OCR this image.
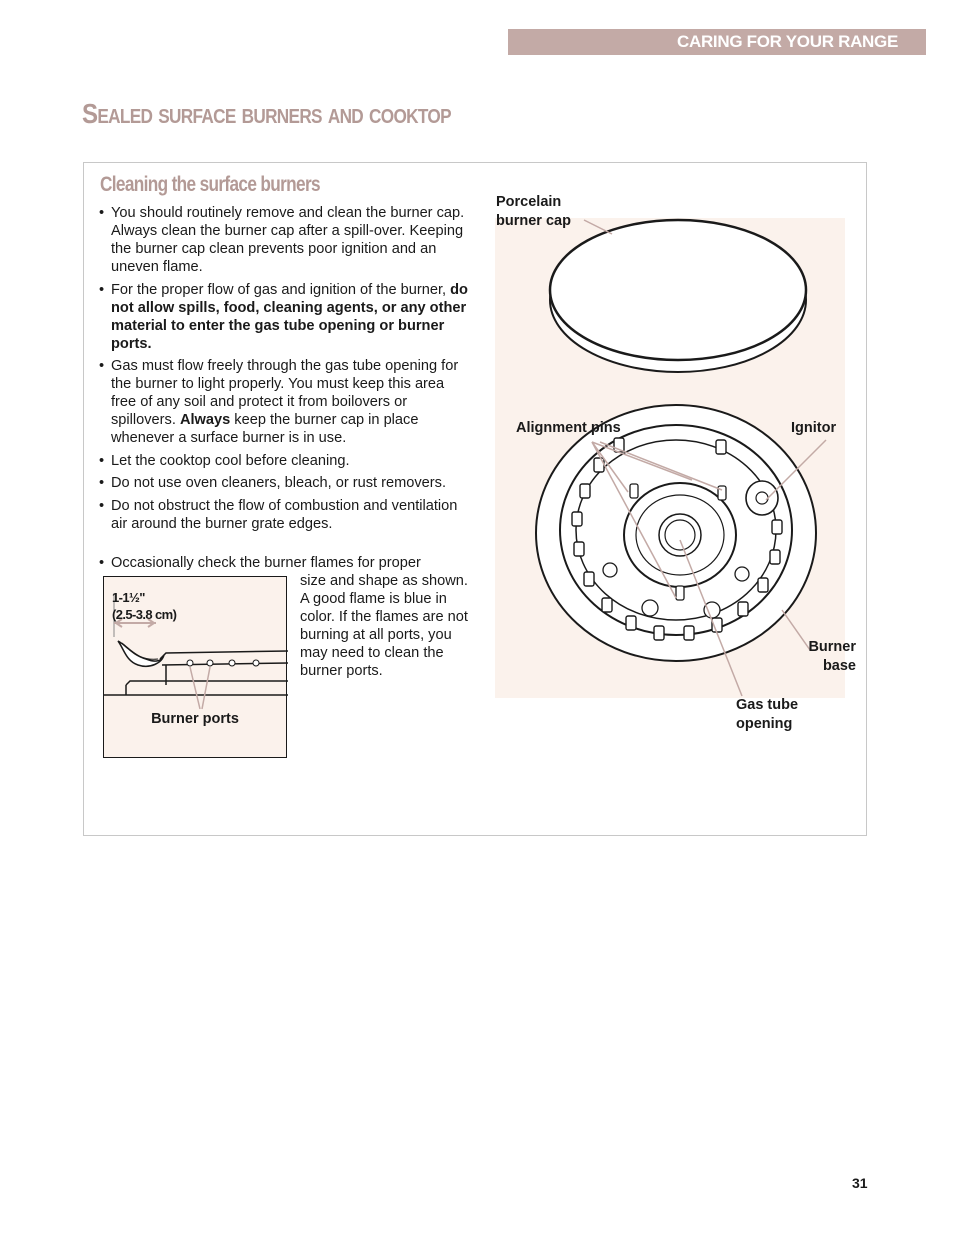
CARING FOR YOUR RANGE
Sealed surface burners and cooktop
Cleaning the surface burners
• You should routinely remove and clean the burner cap. Always clean the burner cap after a spill-over. Keeping the burner cap clean prevents poor ignition and an uneven flame.
• For the proper flow of gas and ignition of the burner, do not allow spills, food, cleaning agents, or any other material to enter the gas tube opening or burner ports.
• Gas must flow freely through the gas tube opening for the burner to light properly. You must keep this area free of any soil and protect it from boilovers or spillovers. Always keep the burner cap in place whenever a surface burner is in use.
• Let the cooktop cool before cleaning.
• Do not use oven cleaners, bleach, or rust removers.
• Do not obstruct the flow of combustion and ventilation air around the burner grate edges.
• Occasionally check the burner flames for proper
size and shape as shown. A good flame is blue in color. If the flames are not burning at all ports, you may need to clean the burner ports.
1-1½"
(2.5-3.8 cm)
Burner ports
Porcelain
burner cap
Alignment pins	Ignitor
Burner
base
Gas tube
opening
31
